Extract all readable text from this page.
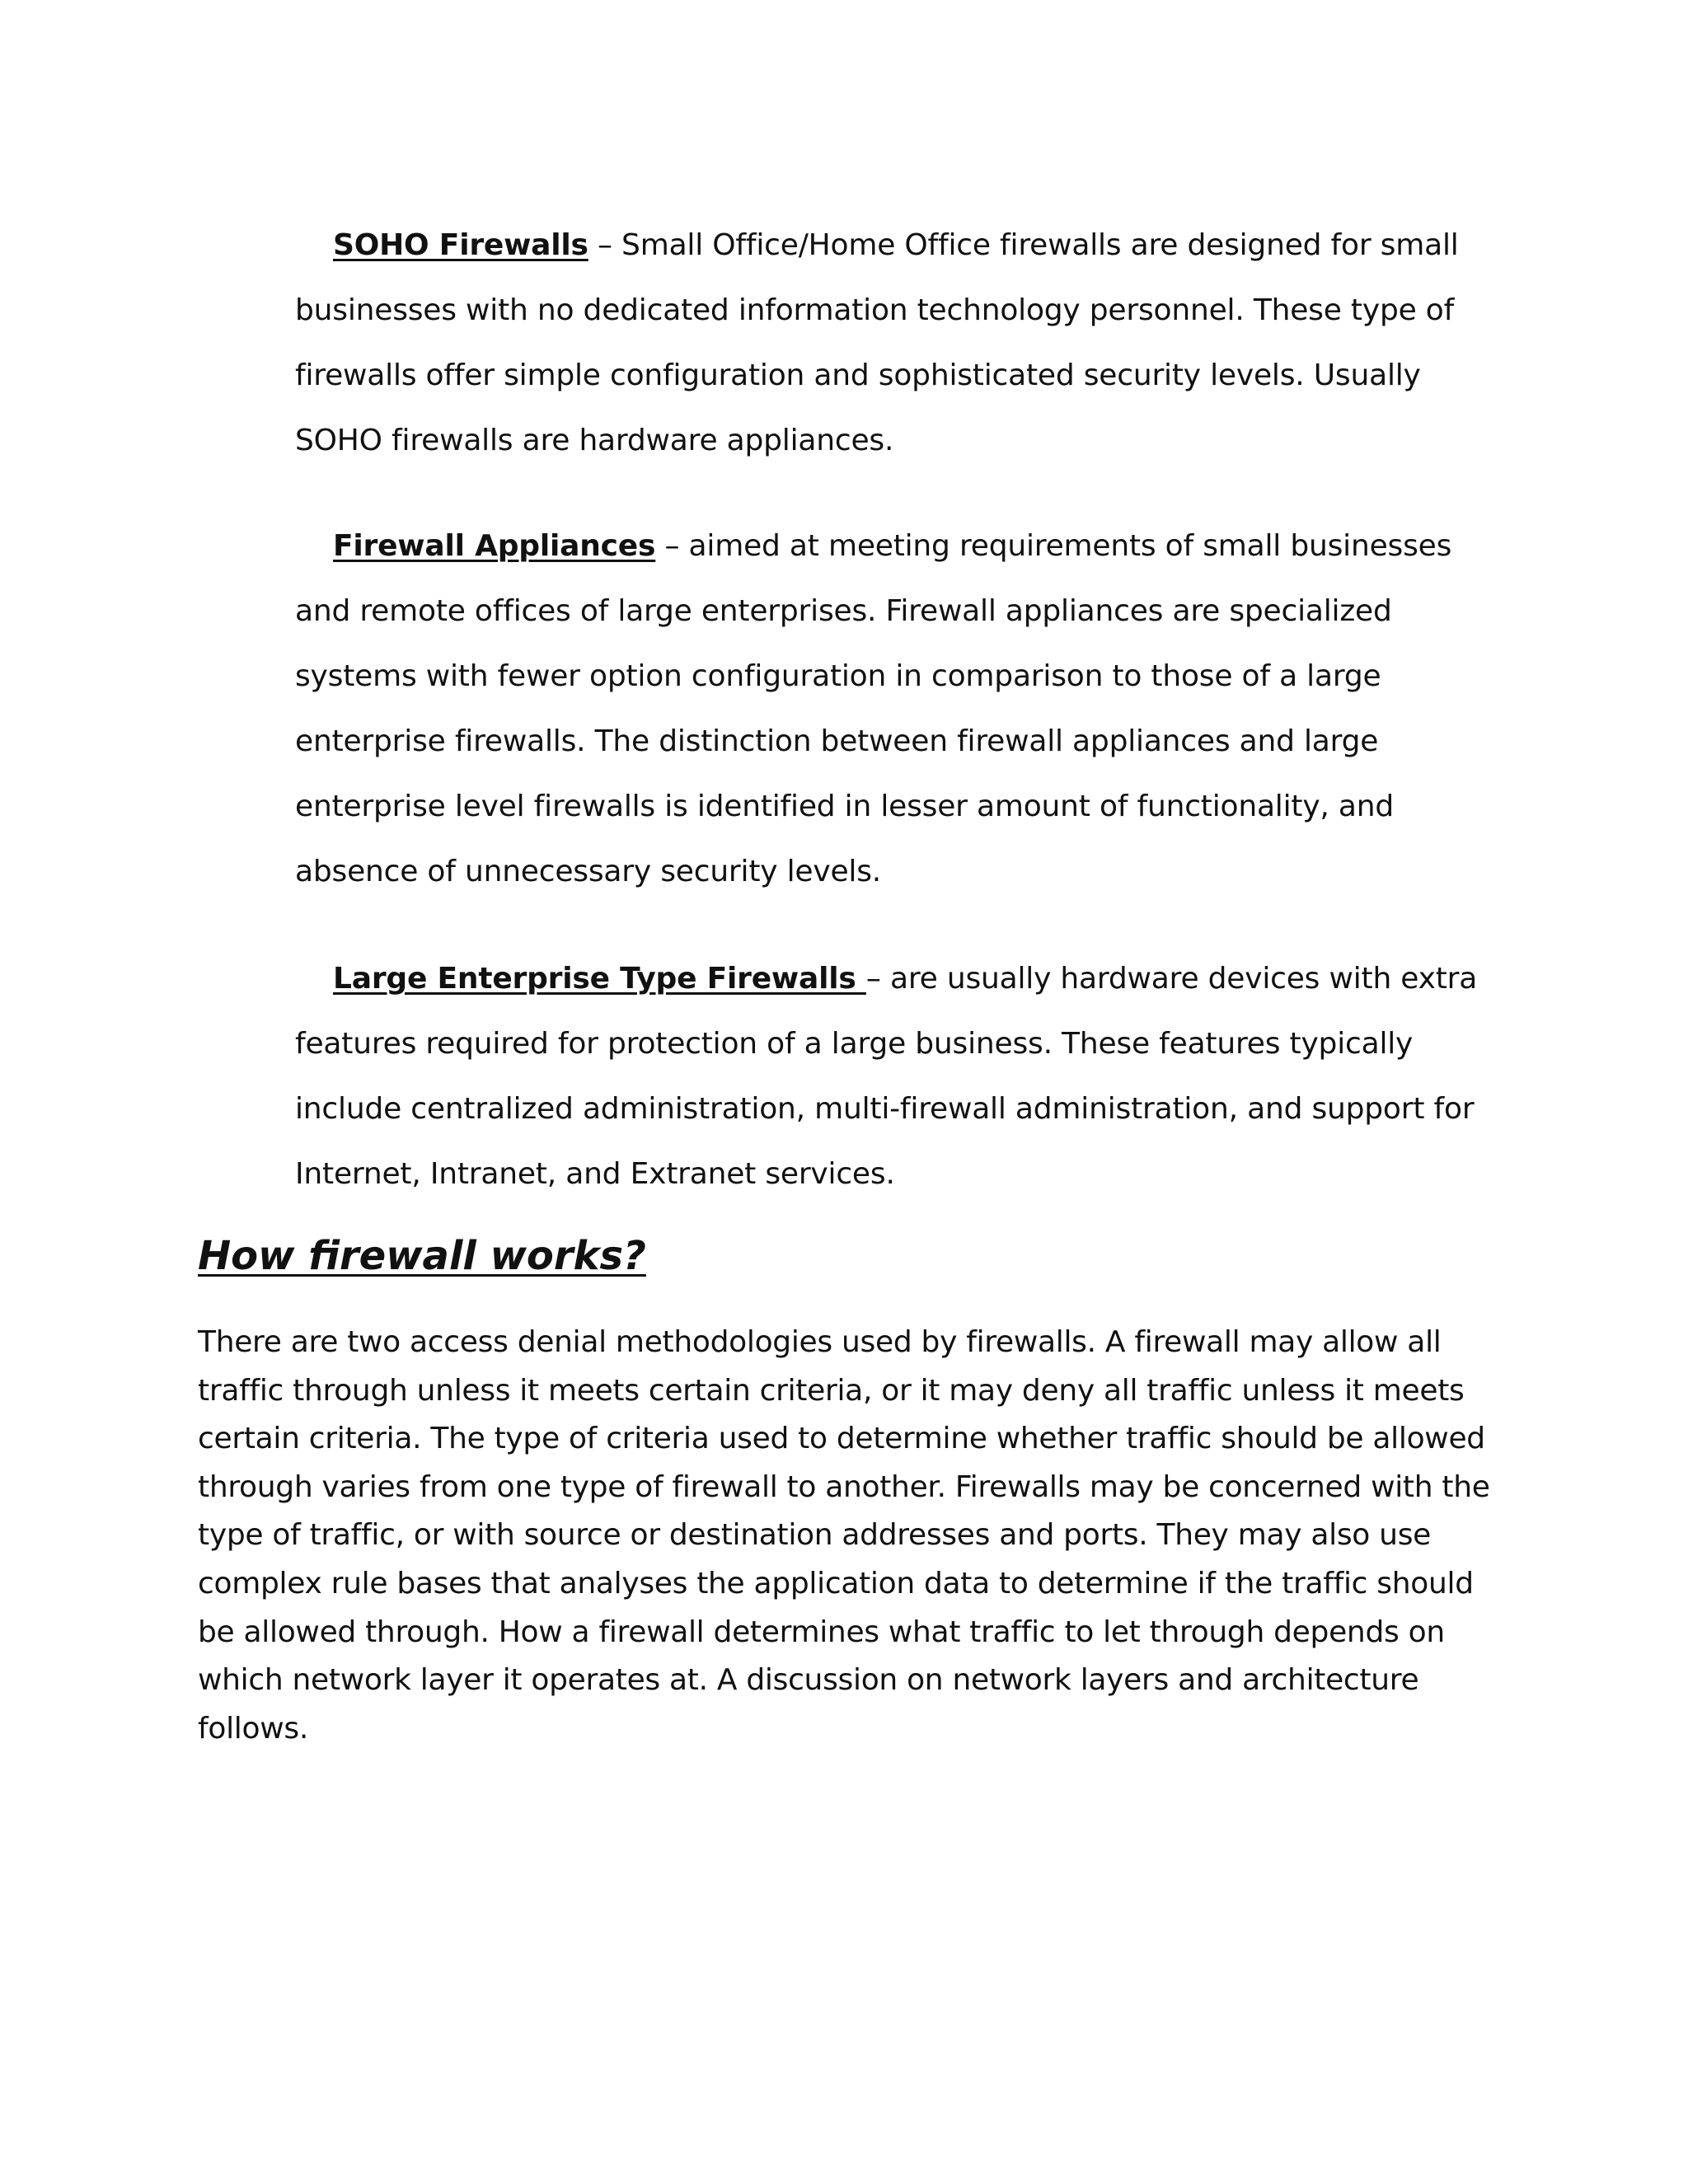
SOHO Firewalls – Small Office/Home Office firewalls are designed for small businesses with no dedicated information technology personnel. These type of firewalls offer simple configuration and sophisticated security levels. Usually SOHO firewalls are hardware appliances.

Firewall Appliances – aimed at meeting requirements of small businesses and remote offices of large enterprises. Firewall appliances are specialized systems with fewer option configuration in comparison to those of a large enterprise firewalls. The distinction between firewall appliances and large enterprise level firewalls is identified in lesser amount of functionality, and absence of unnecessary security levels.

Large Enterprise Type Firewalls – are usually hardware devices with extra features required for protection of a large business. These features typically include centralized administration, multi-firewall administration, and support for Internet, Intranet, and Extranet services.

How firewall works?

There are two access denial methodologies used by firewalls. A firewall may allow all traffic through unless it meets certain criteria, or it may deny all traffic unless it meets certain criteria. The type of criteria used to determine whether traffic should be allowed through varies from one type of firewall to another. Firewalls may be concerned with the type of traffic, or with source or destination addresses and ports. They may also use complex rule bases that analyses the application data to determine if the traffic should be allowed through. How a firewall determines what traffic to let through depends on which network layer it operates at. A discussion on network layers and architecture follows.
